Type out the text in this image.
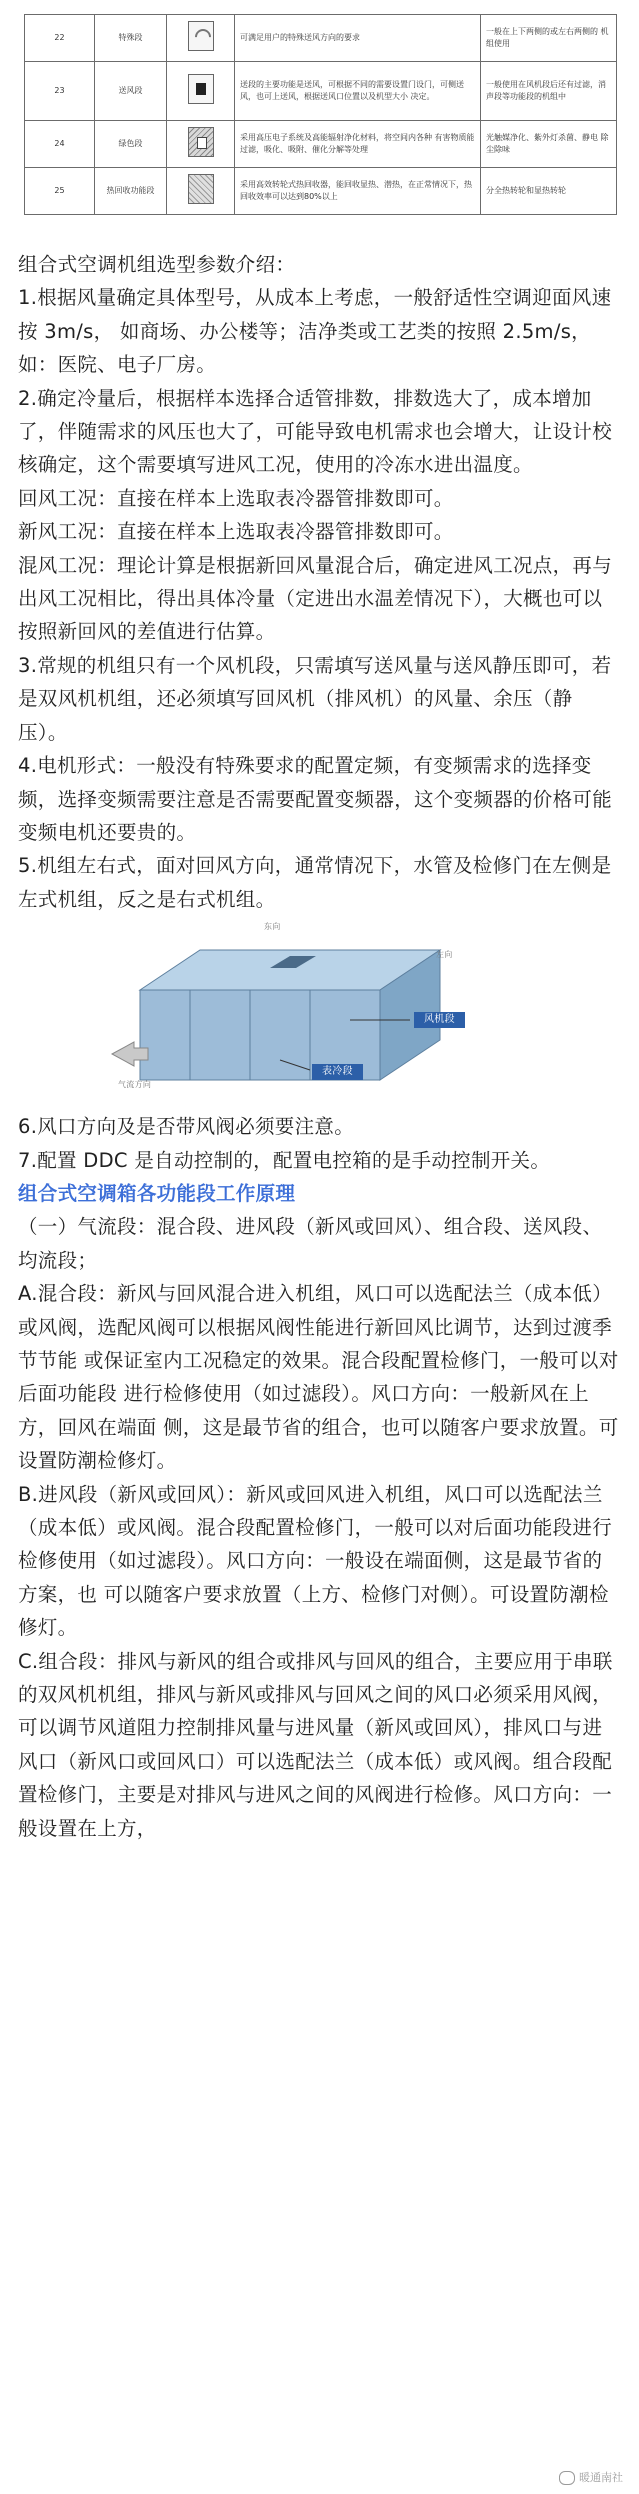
22	特殊段		可满足用户的特殊送风方向的要求	一般在上下两侧的或左右两侧的 机组使用
23	送风段		送段的主要功能是送风，可根据不同的需要设置门设门，可侧送风，也可上送风，根据送风口位置以及机型大小 决定。	一般使用在风机段后还有过滤，消声段等功能段的机组中
24	绿色段		采用高压电子系统及高能辐射净化材料，将空间内各种 有害物质能过滤，吸化、吸附、催化分解等处理	光触媒净化、紫外灯杀菌、静电 除尘除味
25	热回收功能段		采用高效转轮式热回收器，能回收显热、潜热，在正常情况下，热回收效率可以达到80%以上	分全热转轮和显热转轮

组合式空调机组选型参数介绍：

1.根据风量确定具体型号，从成本上考虑，一般舒适性空调迎面风速按 3m/s， 如商场、办公楼等；洁净类或工艺类的按照 2.5m/s，如：医院、电子厂房。

2.确定冷量后，根据样本选择合适管排数，排数选大了，成本增加了，伴随需求的风压也大了，可能导致电机需求也会增大，让设计校核确定，这个需要填写进风工况，使用的冷冻水进出温度。

回风工况：直接在样本上选取表冷器管排数即可。

新风工况：直接在样本上选取表冷器管排数即可。

混风工况：理论计算是根据新回风量混合后，确定进风工况点，再与出风工况相比，得出具体冷量（定进出水温差情况下），大概也可以按照新回风的差值进行估算。

3.常规的机组只有一个风机段，只需填写送风量与送风静压即可，若是双风机机组，还必须填写回风机（排风机）的风量、余压（静压）。

4.电机形式：一般没有特殊要求的配置定频，有变频需求的选择变频，选择变频需要注意是否需要配置变频器，这个变频器的价格可能变频电机还要贵的。

5.机组左右式，面对回风方向，通常情况下，水管及检修门在左侧是左式机组，反之是右式机组。

风机段
表冷段
东向
左向
气流方向

6.风口方向及是否带风阀必须要注意。

7.配置 DDC 是自动控制的，配置电控箱的是手动控制开关。

组合式空调箱各功能段工作原理

（一）气流段：混合段、进风段（新风或回风）、组合段、送风段、均流段；

A.混合段：新风与回风混合进入机组，风口可以选配法兰（成本低）或风阀，选配风阀可以根据风阀性能进行新回风比调节，达到过渡季节节能 或保证室内工况稳定的效果。混合段配置检修门，一般可以对后面功能段 进行检修使用（如过滤段）。风口方向：一般新风在上方，回风在端面 侧，这是最节省的组合，也可以随客户要求放置。可设置防潮检修灯。

B.进风段（新风或回风）：新风或回风进入机组，风口可以选配法兰（成本低）或风阀。混合段配置检修门，一般可以对后面功能段进行检修使用（如过滤段）。风口方向：一般设在端面侧，这是最节省的方案，也 可以随客户要求放置（上方、检修门对侧）。可设置防潮检修灯。

C.组合段：排风与新风的组合或排风与回风的组合，主要应用于串联的双风机机组，排风与新风或排风与回风之间的风口必须采用风阀，可以调节风道阻力控制排风量与进风量（新风或回风），排风口与进风口（新风口或回风口）可以选配法兰（成本低）或风阀。组合段配置检修门，主要是对排风与进风之间的风阀进行检修。风口方向：一般设置在上方，

暖通南社
